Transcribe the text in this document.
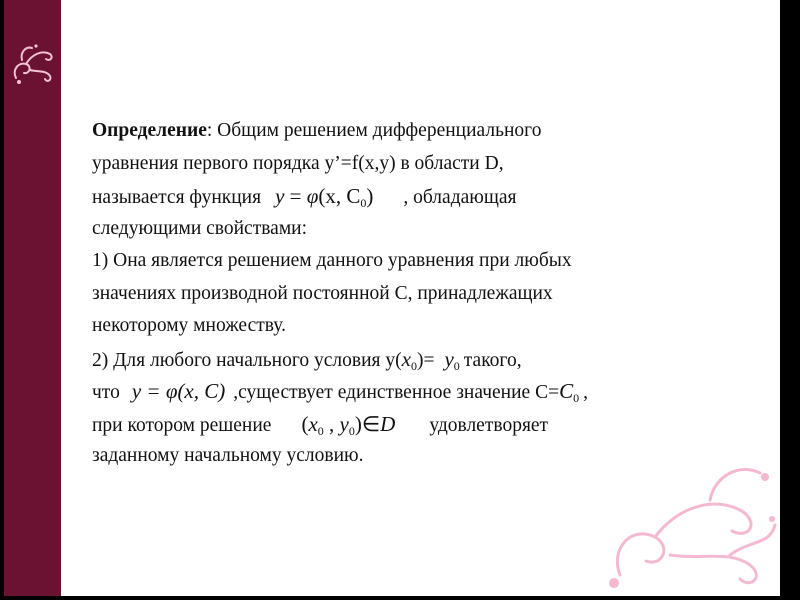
Определение: Общим решением дифференциального
уравнения первого порядка y’=f(x,y) в области D,
называется функция y = φ(x, $C_0$) , обладающая
следующими свойствами:
1) Она является решением данного уравнения при любых
значениях производной постоянной С, принадлежащих
некоторому множеству.
2) Для любого начального условия $y(x_0)= y_0$ такого,
что y = φ(x, C) ,существует единственное значение $С=C_0$ ,
при котором решение ($x_0$ , $y_0)\in D$ удовлетворяет
заданному начальному условию.
